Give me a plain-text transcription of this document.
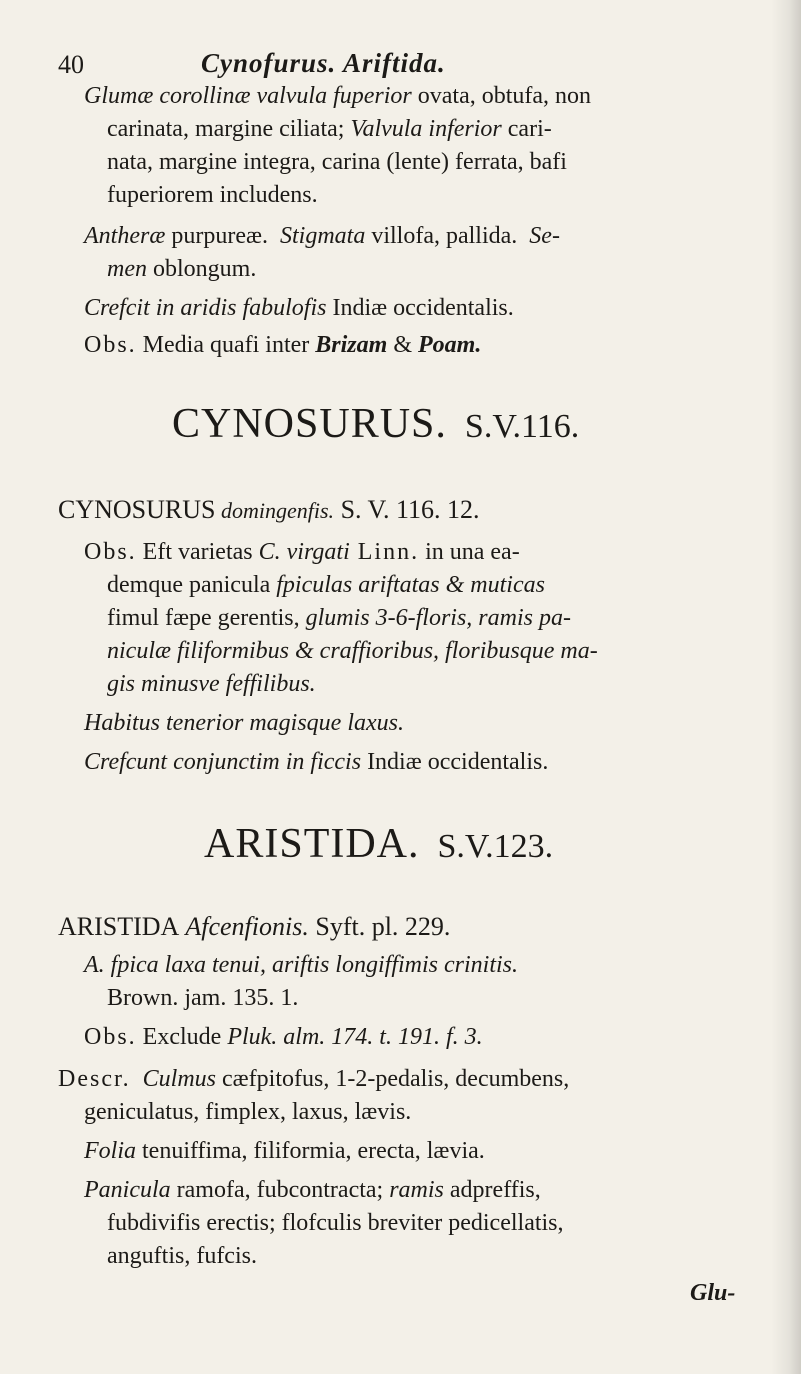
40	Cynofurus. Ariftida.

Glumæ corollinæ valvula fuperior ovata, obtufa, non

carinata, margine ciliata; Valvula inferior cari-

nata, margine integra, carina (lente) ferrata, bafi

fuperiorem includens.

Antheræ purpureæ. Stigmata villofa, pallida. Se-

men oblongum.

Crefcit in aridis fabulofis Indiæ occidentalis.

Obs. Media quafi inter Brizam & Poam.

CYNOSURUS. S.V.116.

CYNOSURUS domingenfis. S. V. 116. 12.

Obs. Eft varietas C. virgati Linn. in una ea-

demque panicula fpiculas ariftatas & muticas

fimul fæpe gerentis, glumis 3-6-floris, ramis pa-

niculæ filiformibus & craffioribus, floribusque ma-

gis minusve feffilibus.

Habitus tenerior magisque laxus.

Crefcunt conjunctim in ficcis Indiæ occidentalis.

ARISTIDA. S.V.123.

ARISTIDA Afcenfionis. Syft. pl. 229.

A. fpica laxa tenui, ariftis longiffimis crinitis.

Brown. jam. 135. 1.

Obs. Exclude Pluk. alm. 174. t. 191. f. 3.

Descr. Culmus cæfpitofus, 1-2-pedalis, decumbens,

geniculatus, fimplex, laxus, lævis.

Folia tenuiffima, filiformia, erecta, lævia.

Panicula ramofa, fubcontracta; ramis adpreffis,

fubdivifis erectis; flofculis breviter pedicellatis,

anguftis, fufcis.

Glu-
